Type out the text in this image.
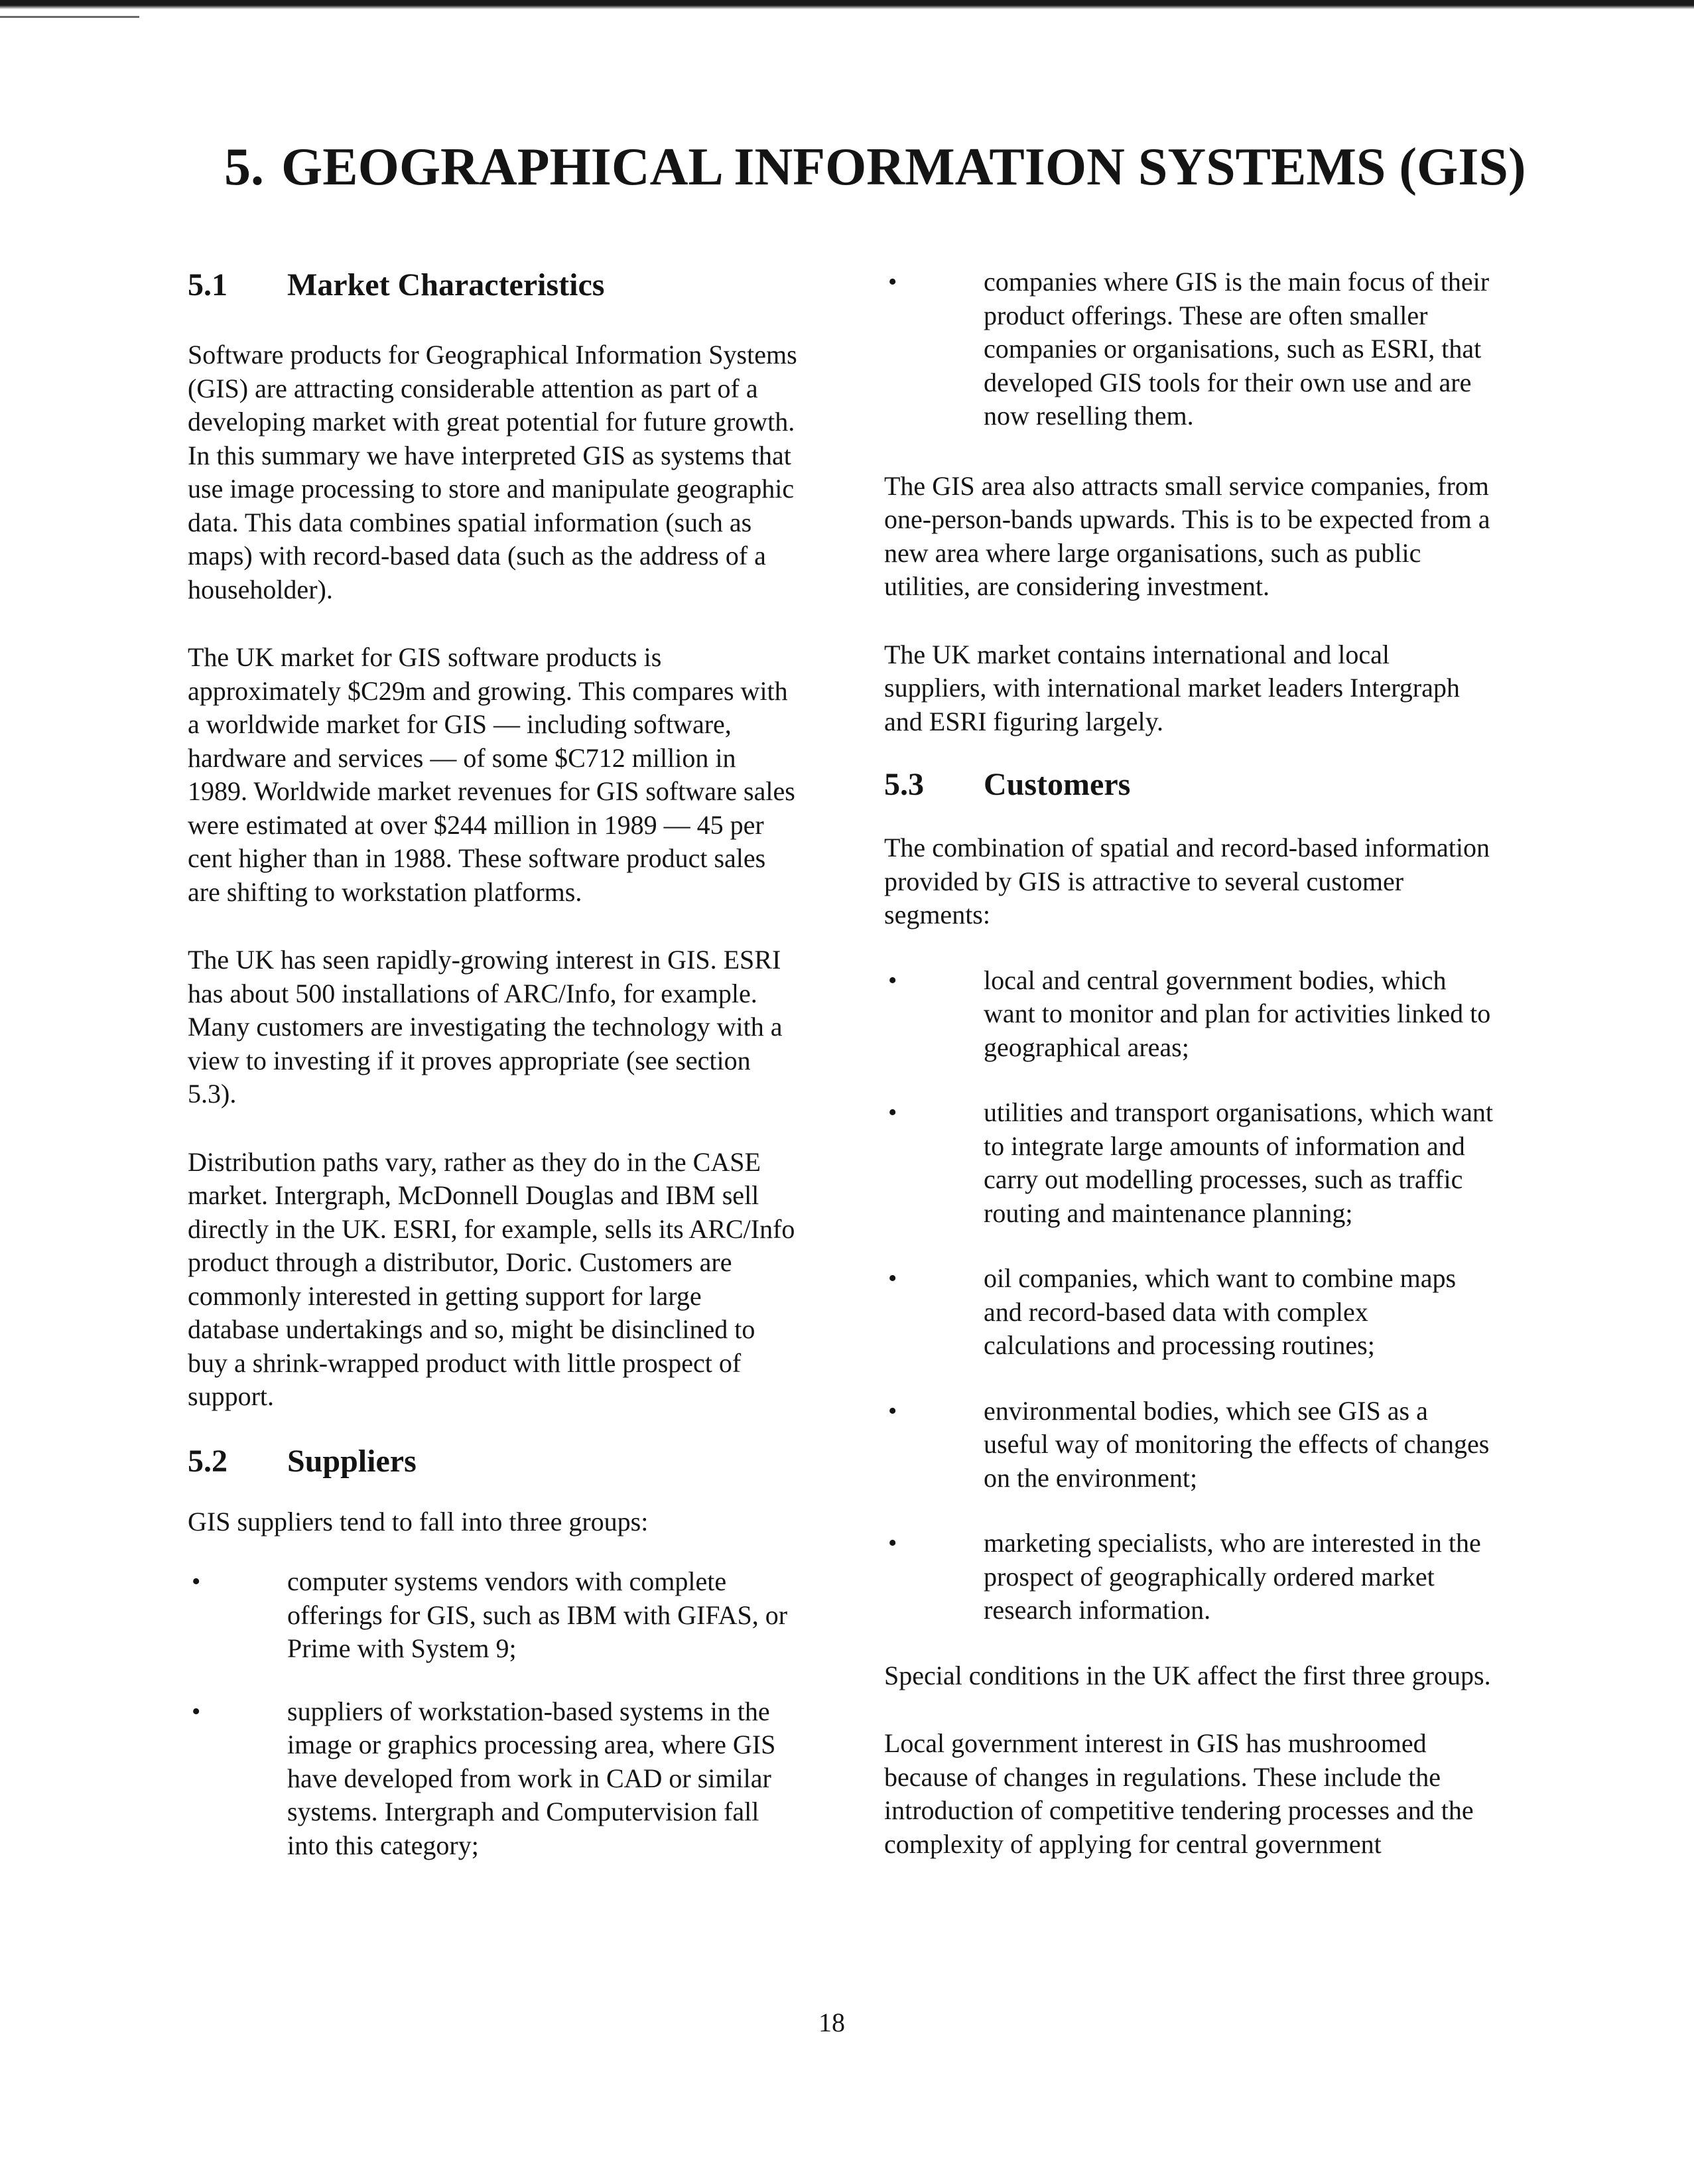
5. GEOGRAPHICAL INFORMATION SYSTEMS (GIS)
5.1	Market Characteristics

Software products for Geographical Information Systems (GIS) are attracting considerable attention as part of a developing market with great potential for future growth. In this summary we have interpreted GIS as systems that use image processing to store and manipulate geographic data. This data combines spatial information (such as maps) with record-based data (such as the address of a householder).

The UK market for GIS software products is approximately $C29m and growing. This compares with a worldwide market for GIS — including software, hardware and services — of some $C712 million in 1989. Worldwide market revenues for GIS software sales were estimated at over $244 million in 1989 — 45 per cent higher than in 1988. These software product sales are shifting to workstation platforms.

The UK has seen rapidly-growing interest in GIS. ESRI has about 500 installations of ARC/Info, for example. Many customers are investigating the technology with a view to investing if it proves appropriate (see section 5.3).

Distribution paths vary, rather as they do in the CASE market. Intergraph, McDonnell Douglas and IBM sell directly in the UK. ESRI, for example, sells its ARC/Info product through a distributor, Doric. Customers are commonly interested in getting support for large database undertakings and so, might be disinclined to buy a shrink-wrapped product with little prospect of support.

5.2	Suppliers

GIS suppliers tend to fall into three groups:

•	computer systems vendors with complete offerings for GIS, such as IBM with GIFAS, or Prime with System 9;
•	suppliers of workstation-based systems in the image or graphics processing area, where GIS have developed from work in CAD or similar systems. Intergraph and Computervision fall into this category;
•	companies where GIS is the main focus of their product offerings. These are often smaller companies or organisations, such as ESRI, that developed GIS tools for their own use and are now reselling them.

The GIS area also attracts small service companies, from one-person-bands upwards. This is to be expected from a new area where large organisations, such as public utilities, are considering investment.

The UK market contains international and local suppliers, with international market leaders Intergraph and ESRI figuring largely.

5.3	Customers

The combination of spatial and record-based information provided by GIS is attractive to several customer segments:

•	local and central government bodies, which want to monitor and plan for activities linked to geographical areas;
•	utilities and transport organisations, which want to integrate large amounts of information and carry out modelling processes, such as traffic routing and maintenance planning;
•	oil companies, which want to combine maps and record-based data with complex calculations and processing routines;
•	environmental bodies, which see GIS as a useful way of monitoring the effects of changes on the environment;
•	marketing specialists, who are interested in the prospect of geographically ordered market research information.

Special conditions in the UK affect the first three groups.

Local government interest in GIS has mushroomed because of changes in regulations. These include the introduction of competitive tendering processes and the complexity of applying for central government

18
